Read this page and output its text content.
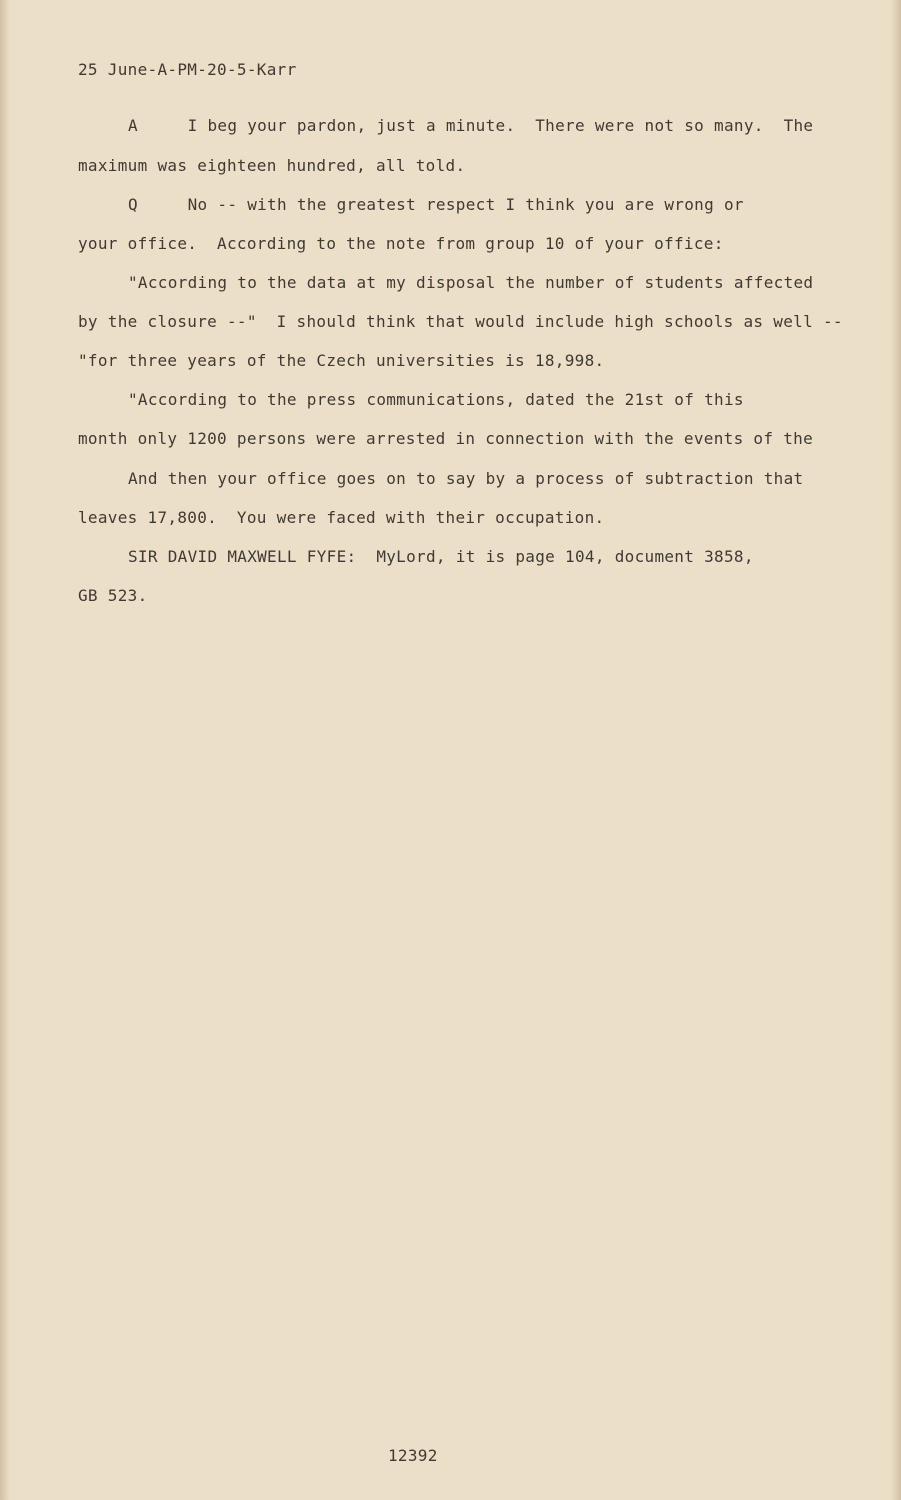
25 June-A-PM-20-5-Karr
A     I beg your pardon, just a minute.  There were not so many.  The
maximum was eighteen hundred, all told.
Q     No -- with the greatest respect I think you are wrong or
your office.  According to the note from group 10 of your office:
"According to the data at my disposal the number of students affected
by the closure --"  I should think that would include high schools as well --
"for three years of the Czech universities is 18,998.
"According to the press communications, dated the 21st of this
month only 1200 persons were arrested in connection with the events of the
And then your office goes on to say by a process of subtraction that
leaves 17,800.  You were faced with their occupation.
SIR DAVID MAXWELL FYFE:  MyLord, it is page 104, document 3858,
GB 523.
12392
